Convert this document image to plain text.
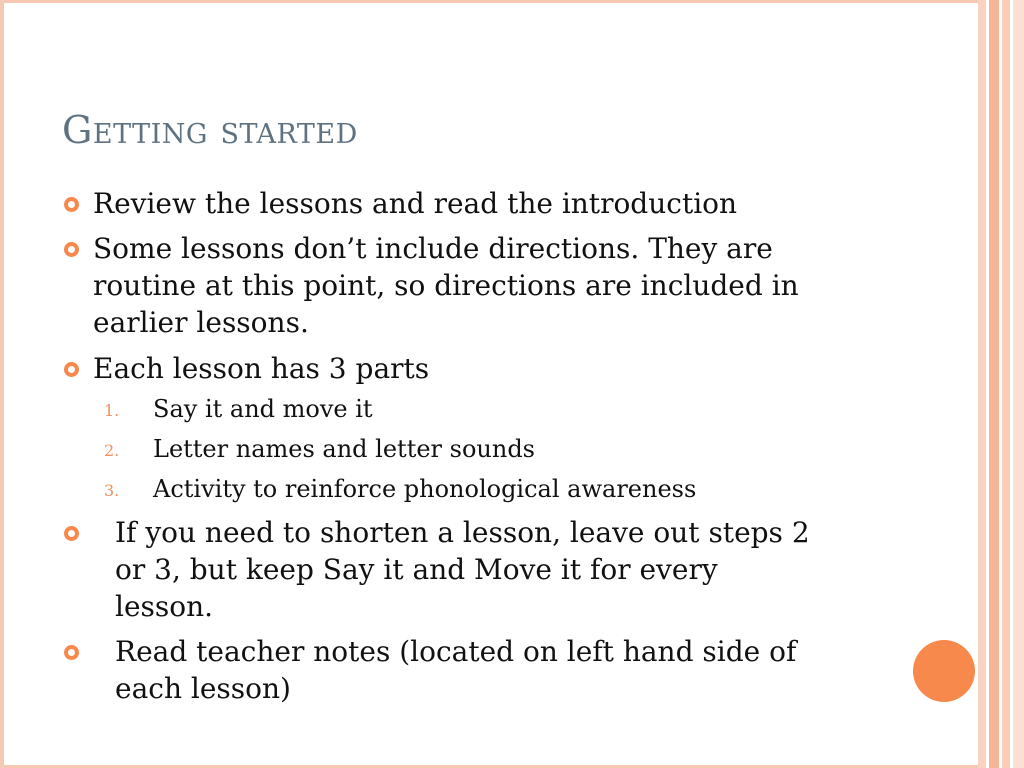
Getting started
Review the lessons and read the introduction
Some lessons don’t include directions. They are
routine at this point, so directions are included in
earlier lessons.
Each lesson has 3 parts
1. Say it and move it
2. Letter names and letter sounds
3. Activity to reinforce phonological awareness
If you need to shorten a lesson, leave out steps 2
or 3, but keep Say it and Move it for every
lesson.
Read teacher notes (located on left hand side of
each lesson)
